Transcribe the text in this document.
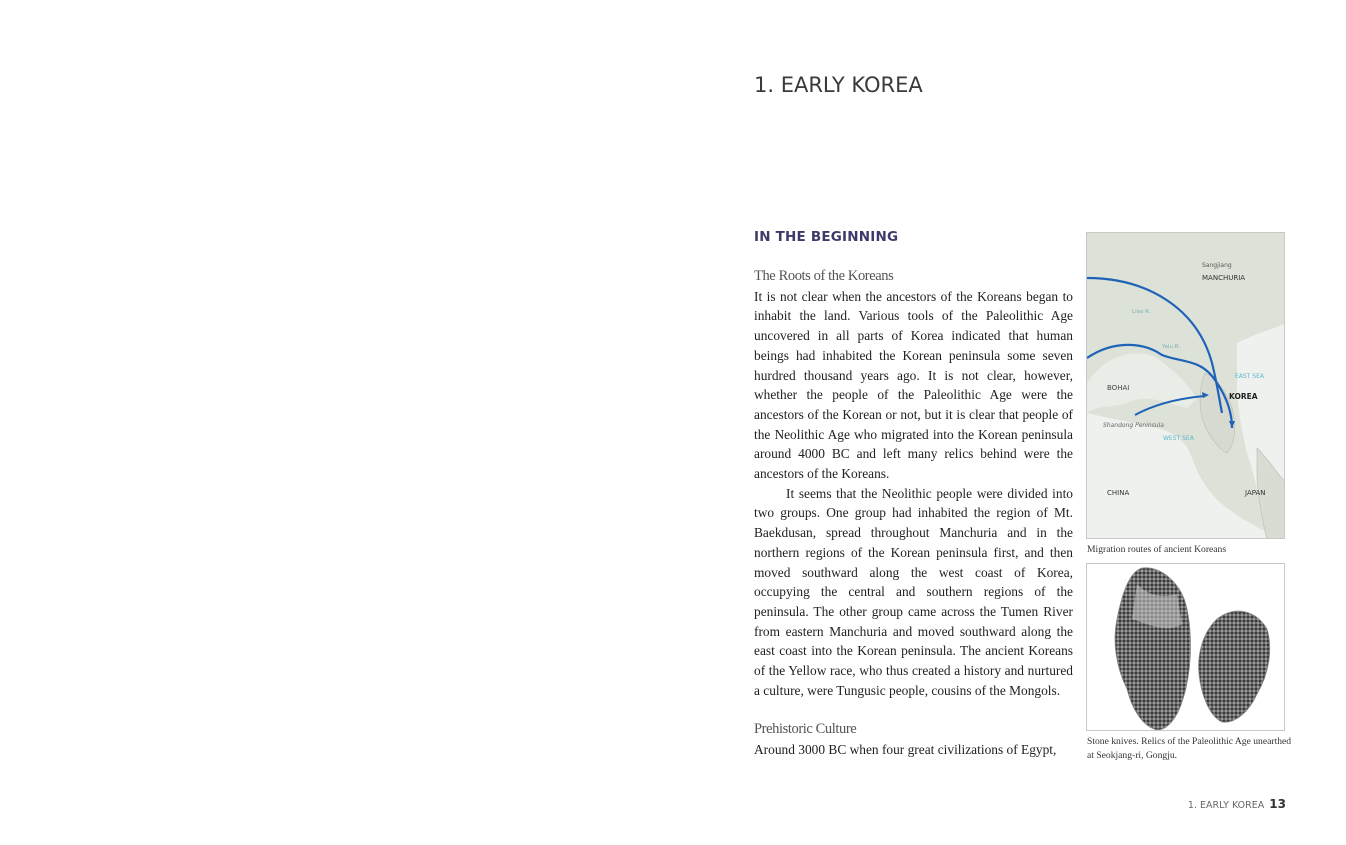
1. EARLY KOREA
IN THE BEGINNING

The Roots of the Koreans

It is not clear when the ancestors of the Koreans began to inhabit the land. Various tools of the Paleolithic Age uncovered in all parts of Korea indicated that human beings had inhabited the Korean peninsula some seven hurdred thousand years ago. It is not clear, however, whether the people of the Paleolithic Age were the ancestors of the Korean or not, but it is clear that people of the Neolithic Age who migrated into the Korean peninsula around 4000 BC and left many relics behind were the ancestors of the Koreans.

It seems that the Neolithic people were divided into two groups. One group had inhabited the region of Mt. Baekdusan, spread throughout Manchuria and in the northern regions of the Korean peninsula first, and then moved southward along the west coast of Korea, occupying the central and southern regions of the peninsula. The other group came across the Tumen River from eastern Manchuria and moved southward along the east coast into the Korean peninsula. The ancient Koreans of the Yellow race, who thus created a history and nurtured a culture, were Tungusic people, cousins of the Mongols.

Prehistoric Culture

Around 3000 BC when four great civilizations of Egypt,

Sangjiang
MANCHURIA
Liao R.
Yalu R.
EAST SEA
BOHAI
KOREA
Shandong Peninsula
WEST SEA
CHINA	JAPAN
Migration routes of ancient Koreans
Stone knives. Relics of the Paleolithic Age unearthed at Seokjang-ri, Gongju.
1. EARLY KOREA 13
